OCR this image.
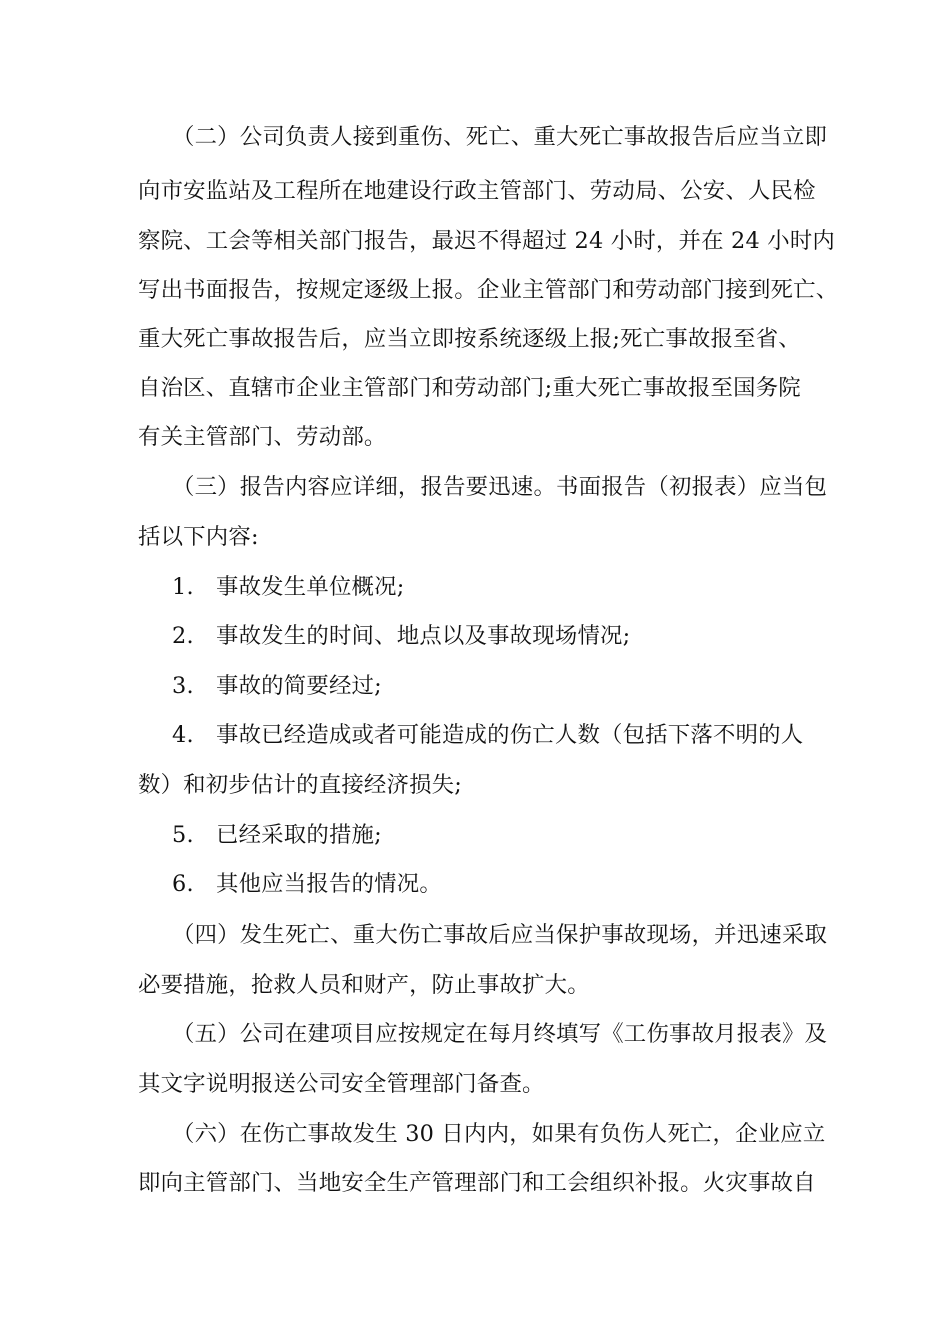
（二）公司负责人接到重伤、死亡、重大死亡事故报告后应当立即
向市安监站及工程所在地建设行政主管部门、劳动局、公安、人民检
察院、工会等相关部门报告，最迟不得超过 24 小时，并在 24 小时内
写出书面报告，按规定逐级上报。企业主管部门和劳动部门接到死亡、
重大死亡事故报告后，应当立即按系统逐级上报;死亡事故报至省、
自治区、直辖市企业主管部门和劳动部门;重大死亡事故报至国务院
有关主管部门、劳动部。
（三）报告内容应详细，报告要迅速。书面报告（初报表）应当包
括以下内容:
1. 事故发生单位概况;
2. 事故发生的时间、地点以及事故现场情况;
3. 事故的简要经过;
4. 事故已经造成或者可能造成的伤亡人数（包括下落不明的人
数）和初步估计的直接经济损失;
5. 已经采取的措施;
6. 其他应当报告的情况。
（四）发生死亡、重大伤亡事故后应当保护事故现场，并迅速采取
必要措施，抢救人员和财产，防止事故扩大。
（五）公司在建项目应按规定在每月终填写《工伤事故月报表》及
其文字说明报送公司安全管理部门备查。
（六）在伤亡事故发生 30 日内内，如果有负伤人死亡，企业应立
即向主管部门、当地安全生产管理部门和工会组织补报。火灾事故自
